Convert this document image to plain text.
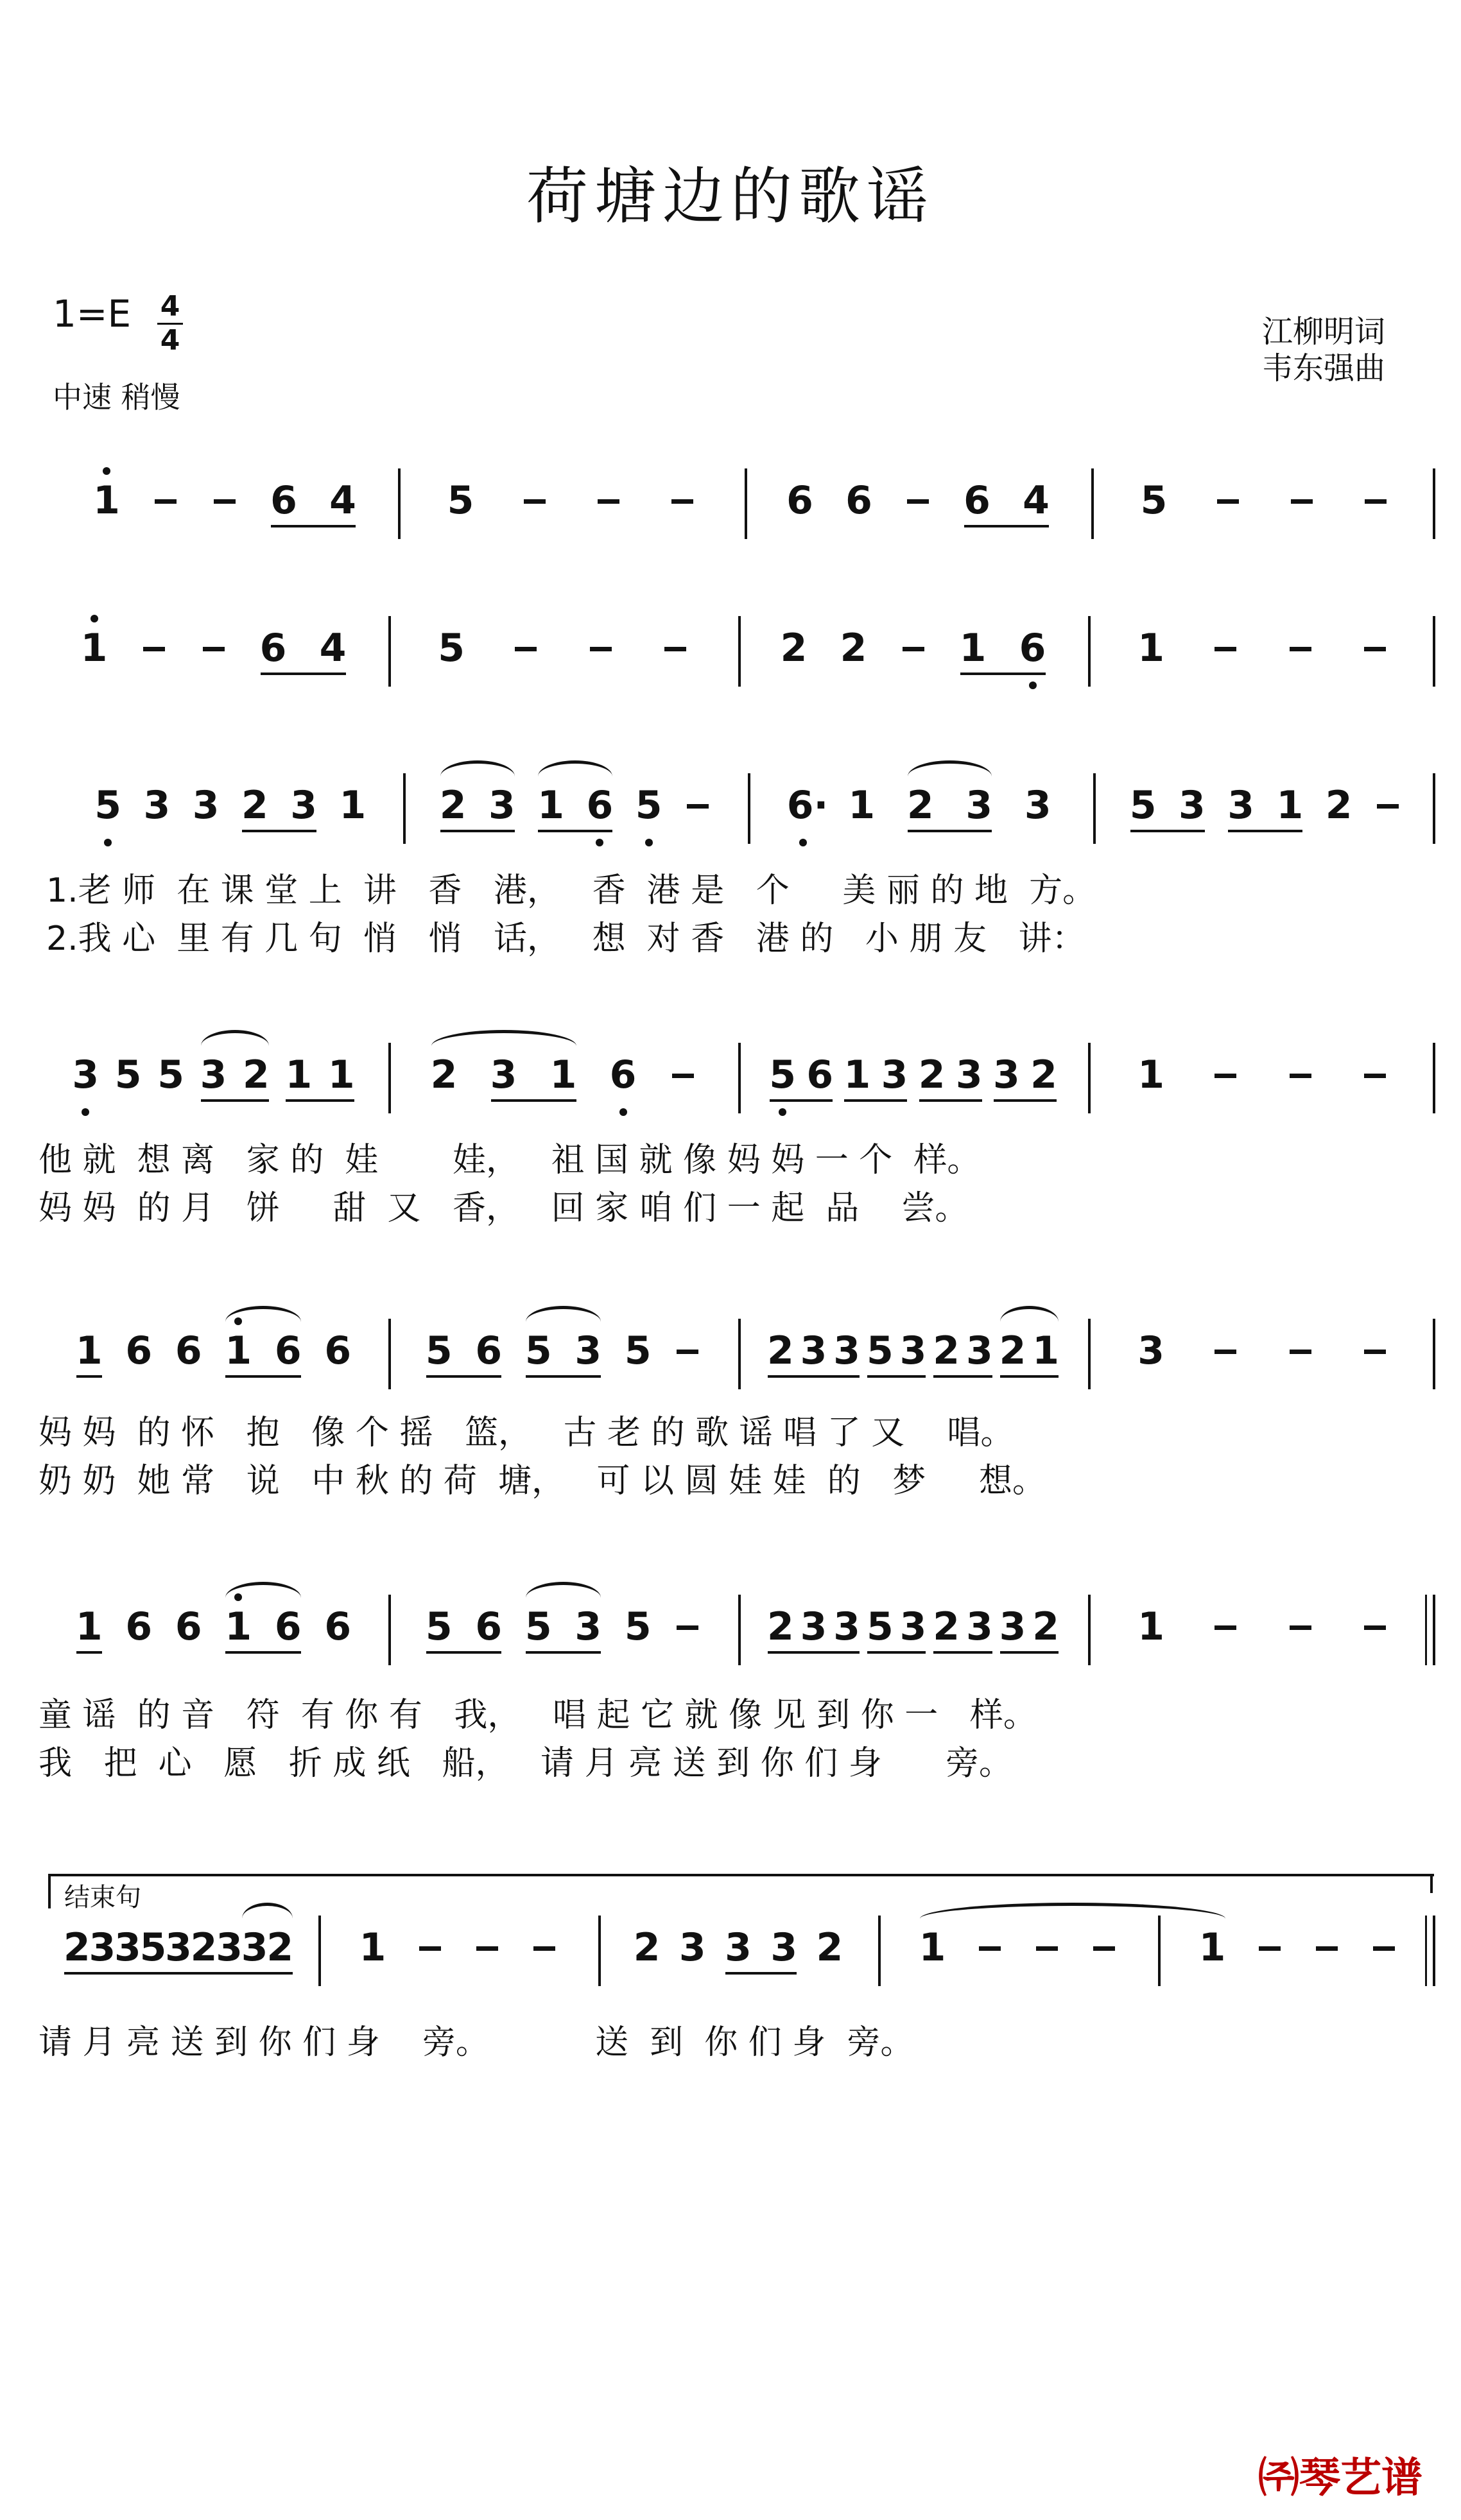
荷塘边的歌谣
1=E 4
4
中速 稍慢
江柳明词
韦东强曲
1	6 4 5	6 6 6 4 5
1	6 4 5	2 2 1 6 1
5 3 3 2 3 1 2 3 1 6 5	6· 1 2 3 3 5 3 3 1 2
1.老 师  在 课 堂 上  讲   香   港，   香  港 是   个     美 丽 的 地  方。
2.我 心  里 有 几 句  悄   悄   话，   想  对 香   港 的   小 朋 友   讲：
3 5 5 3 2 1 1 2 3 1 6	5 6 1 3 2 3 3 2 1
他 就  想 离   家 的  娃       娃，   祖 国 就 像 妈 妈 一 个  样。
妈 妈  的 月   饼     甜  又   香，   回 家 咱 们 一 起  品    尝。
1 6 6 1 6 6 5 6 5 3 5	2 3 3 5 3 2 3 2 1 3
妈 妈  的 怀   抱   像 个 摇   篮，   古 老 的 歌 谣 唱 了 又    唱。
奶 奶  她 常   说   中 秋 的 荷  塘，   可 以 圆 娃 娃  的   梦     想。
1 6 6 1 6 6 5 6 5 3 5	2 3 3 5 3 2 3 3 2 1
童 谣  的 音   符  有 你 有   我，   唱 起 它 就 像 见 到 你 一   样。
我   把  心   愿   折 成 纸   船，   请 月 亮 送 到 你 们 身      旁。
结束句
2
3
3
5
3
2
3
3
2 1	2 3 3 3 2 1	1
请 月 亮 送 到 你 们 身    旁。          送  到  你 们 身  旁。
㈜琴艺谱
